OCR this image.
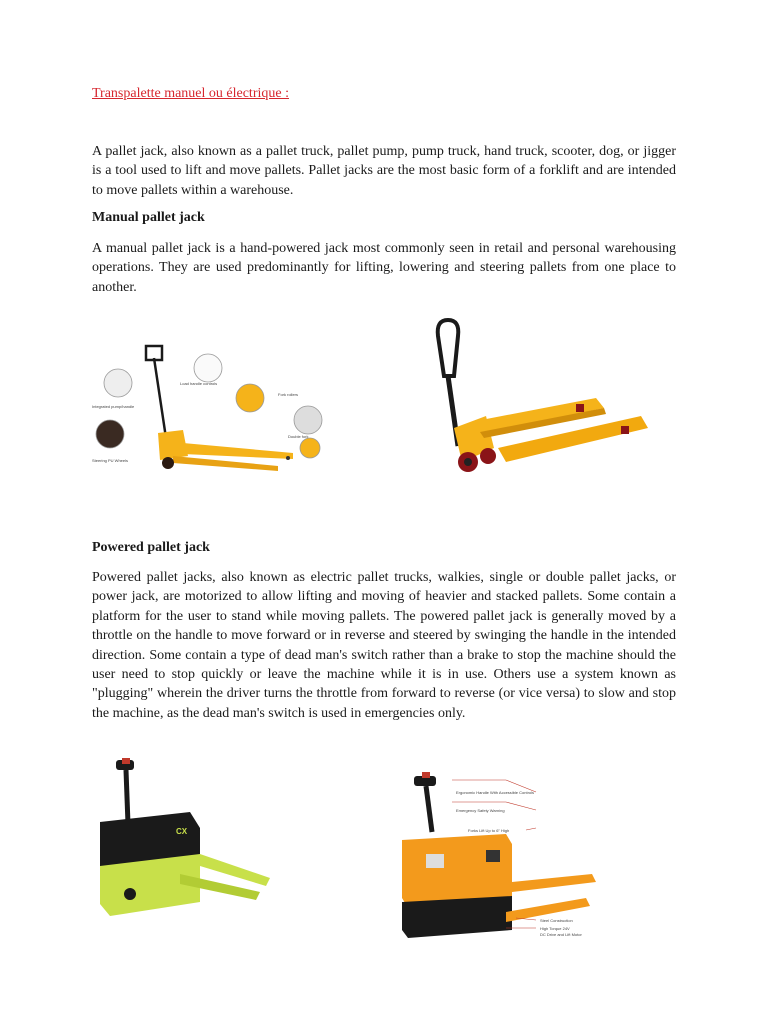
Transpalette manuel ou électrique :

A pallet jack, also known as a pallet truck, pallet pump, pump truck, hand truck, scooter, dog, or jigger is a tool used to lift and move pallets. Pallet jacks are the most basic form of a forklift and are intended to move pallets within a warehouse.

Manual pallet jack

A manual pallet jack is a hand-powered jack most commonly seen in retail and personal warehousing operations. They are used predominantly for lifting, lowering and steering pallets from one place to another.

Load handle controls
Integrated pump/handle
Steering PU Wheels
Fork rollers
Double fork
Powered pallet jack

Powered pallet jacks, also known as electric pallet trucks, walkies, single or double pallet jacks, or power jack, are motorized to allow lifting and moving of heavier and stacked pallets. Some contain a platform for the user to stand while moving pallets. The powered pallet jack is generally moved by a throttle on the handle to move forward or in reverse and steered by swinging the handle in the intended direction. Some contain a type of dead man's switch rather than a brake to stop the machine should the user need to stop quickly or leave the machine while it is in use. Others use a system known as "plugging" wherein the driver turns the throttle from forward to reverse (or vice versa) to slow and stop the machine, as the dead man's switch is used in emergencies only.

CX
Ergonomic Handle With Accessible Controls
Emergency Safety Warning
Forks Lift Up to 6" High
Steel Construction
High Torque 24V
DC Drive and Lift Motor
